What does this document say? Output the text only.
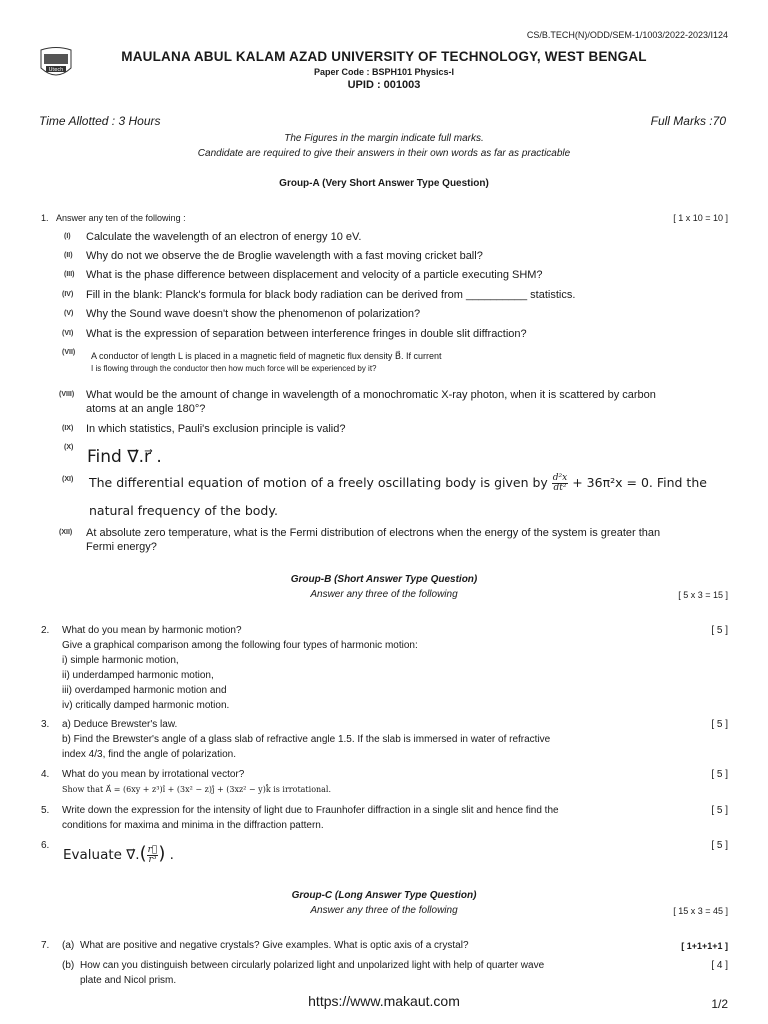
CS/B.TECH(N)/ODD/SEM-1/1003/2022-2023/I124
Utech
MAULANA ABUL KALAM AZAD UNIVERSITY OF TECHNOLOGY, WEST BENGAL
Paper Code : BSPH101 Physics-I
UPID : 001003
Time Allotted : 3 Hours	Full Marks :70
The Figures in the margin indicate full marks.
Candidate are required to give their answers in their own words as far as practicable
Group-A (Very Short Answer Type Question)
1. Answer any ten of the following :	[ 1 x 10 = 10 ]
(I) Calculate the wavelength of an electron of energy 10 eV.
(II) Why do not we observe the de Broglie wavelength with a fast moving cricket ball?
(III) What is the phase difference between displacement and velocity of a particle executing SHM?
(IV) Fill in the blank: Planck's formula for black body radiation can be derived from __________ statistics.
(V) Why the Sound wave doesn't show the phenomenon of polarization?
(VI) What is the expression of separation between interference fringes in double slit diffraction?
(VII) A conductor of length L is placed in a magnetic field of magnetic flux density B⃗. If current
I is flowing through the conductor then how much force will be experienced by it?
(VIII) What would be the amount of change in wavelength of a monochromatic X-ray photon, when it is scattered by carbon
atoms at an angle 180°?
(IX) In which statistics, Pauli's exclusion principle is valid?
(X) Find ∇⃗.r⃗ .
(XI) The differential equation of motion of a freely oscillating body is given by $\frac{\text{d²x}}{\text{dt²}} + 36\pi^2x = 0$. Find the
natural frequency of the body.
(XII) At absolute zero temperature, what is the Fermi distribution of electrons when the energy of the system is greater than
Fermi energy?
Group-B (Short Answer Type Question)
Answer any three of the following	[ 5 x 3 = 15 ]
2.	[ 5 ]
What do you mean by harmonic motion?
Give a graphical comparison among the following four types of harmonic motion:
i) simple harmonic motion,
ii) underdamped harmonic motion,
iii) overdamped harmonic motion and
iv) critically damped harmonic motion.
3.	[ 5 ]
a) Deduce Brewster's law.
b) Find the Brewster's angle of a glass slab of refractive angle 1.5. If the slab is immersed in water of refractive
index 4/3, find the angle of polarization.
4.	[ 5 ]
What do you mean by irrotational vector?
Show that A⃗ = (6xy + z³)î + (3x² − z)ĵ + (3xz² − y)k̂ is irrotational.
5.	[ 5 ]
Write down the expression for the intensity of light due to Fraunhofer diffraction in a single slit and hence find the
conditions for maxima and minima in the diffraction pattern.
6.	[ 5 ]
Evaluate ∇⃗.( $\frac{r⃗}{\text{r³}}$ ) .
Group-C (Long Answer Type Question)
Answer any three of the following	[ 15 x 3 = 45 ]
7. (a) What are positive and negative crystals? Give examples. What is optic axis of a crystal?	[ 1+1+1+1 ]
(b) How can you distinguish between circularly polarized light and unpolarized light with help of quarter wave
plate and Nicol prism.
[ 4 ]
https://www.makaut.com	1/2
